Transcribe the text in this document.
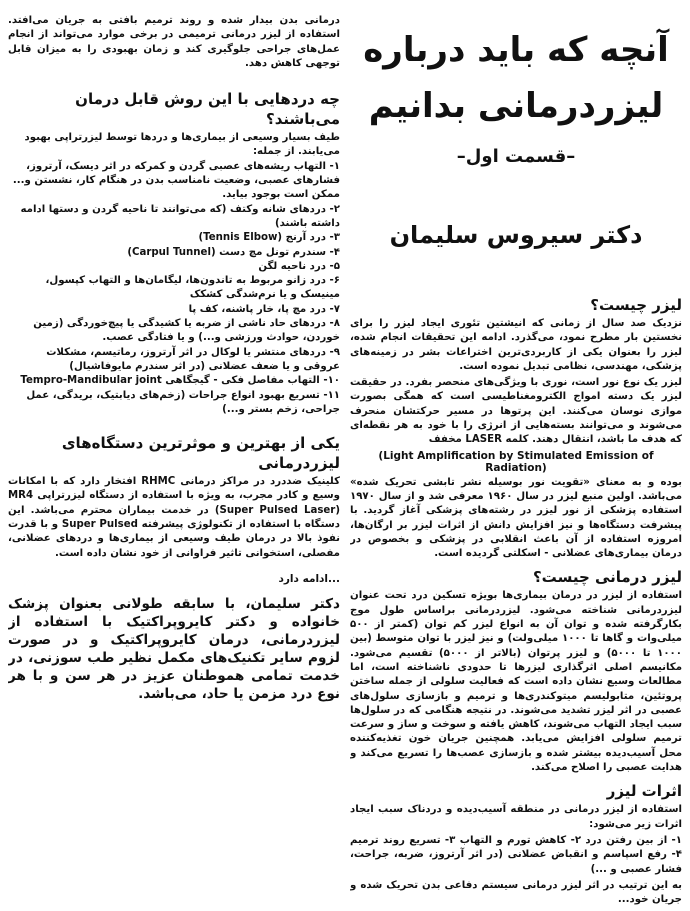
آنچه که باید درباره
لیزردرمانی بدانیم
–قسمت اول–
دکتر سیروس سلیمان
لیزر چیست؟

نزدیک صد سال از زمانی که انیشتین تئوری ایجاد لیزر را برای نخستین بار مطرح نمود، می‌گذرد. ادامه این تحقیقات انجام شده، لیزر را بعنوان یکی از کاربردی‌ترین اختراعات بشر در زمینه‌های پزشکی، مهندسی، نظامی تبدیل نموده است.

لیزر یک نوع نور است، نوری با ویژگی‌های منحصر بفرد. در حقیقت لیزر یک دسته امواج الکترومغناطیسی است که همگی بصورت موازی نوسان می‌کنند. این پرتوها در مسیر حرکتشان منحرف می‌شوند و می‌توانند بسته‌هایی از انرژی را با خود به هر نقطه‌ای که هدف ما باشد، انتقال دهند. کلمه LASER مخفف

(Light Amplification by Stimulated Emission of Radiation)

بوده و به معنای «تقویت نور بوسیله نشر تابشی تحریک شده» می‌باشد. اولین منبع لیزر در سال ۱۹۶۰ معرفی شد و از سال ۱۹۷۰ استفاده پزشکی از نور لیزر در رشته‌های پزشکی آغاز گردید. با پیشرفت دستگاه‌ها و نیز افزایش دانش از اثرات لیزر بر ارگان‌ها، امروزه استفاده از آن باعث انقلابی در پزشکی و بخصوص در درمان بیماری‌های عضلانی - اسکلتی گردیده است.

لیزر درمانی چیست؟

استفاده از لیزر در درمان بیماری‌ها بویژه تسکین درد تحت عنوان لیزردرمانی شناخته می‌شود. لیزردرمانی براساس طول موج بکارگرفته شده و توان آن به انواع لیزر کم توان (کمتر از ۵۰۰ میلی‌وات و گاها تا ۱۰۰۰ میلی‌ولت) و نیز لیزر با توان متوسط (بین ۱۰۰۰ تا ۵۰۰۰) و لیزر پرتوان (بالاتر از ۵۰۰۰) تقسیم می‌شود. مکانیسم اصلی اثرگذاری لیزرها تا حدودی ناشناخته است، اما مطالعات وسیع نشان داده است که فعالیت سلولی از جمله ساختن پروتئین، متابولیسم میتوکندری‌ها و ترمیم و بازسازی سلول‌های عصبی در اثر لیزر تشدید می‌شوند. در نتیجه هنگامی که در سلول‌ها سبب ایجاد التهاب می‌شوند، کاهش یافته و سوخت و ساز و سرعت ترمیم سلولی افزایش می‌یابد. همچنین جریان خون تغذیه‌کننده محل آسیب‌دیده بیشتر شده و بازسازی عصب‌ها را تسریع می‌کند و هدایت عصبی را اصلاح می‌کند.

اثرات لیزر

استفاده از لیزر درمانی در منطقه آسیب‌دیده و دردناک سبب ایجاد اثرات زیر می‌شود:

۱- از بین رفتن درد ۲- کاهش تورم و التهاب ۳- تسریع روند ترمیم ۴- رفع اسپاسم و انقباض عضلانی (در اثر آرتروز، ضربه، جراحت، فشار عصبی و ...)

به این ترتیب در اثر لیزر درمانی سیستم دفاعی بدن تحریک شده و جریان خود...

درمانی بدن بیدار شده و روند ترمیم بافتی به جریان می‌افتد. استفاده از لیزر درمانی ترمیمی در برخی موارد می‌تواند از انجام عمل‌های جراحی جلوگیری کند و زمان بهبودی را به میزان قابل توجهی کاهش دهد.

چه دردهایی با این روش قابل درمان می‌باشند؟

طیف بسیار وسیعی از بیماری‌ها و دردها توسط لیزرتراپی بهبود می‌یابند. از جمله:

۱- التهاب ریشه‌های عصبی گردن و کمرکه در اثر دیسک، آرتروز، فشارهای عصبی، وضعیت نامناسب بدن در هنگام کار، نشستن و... ممکن است بوجود بیاید.

۲- دردهای شانه وکتف (که می‌توانند تا ناحیه گردن و دستها ادامه داشته باشند)

۳- درد آرنج (Tennis Elbow)

۴- سندرم تونل مچ دست (Carpul Tunnel)

۵- درد ناحیه لگن

۶- درد زانو مربوط به تاندون‌ها، لیگامان‌ها و التهاب کپسول، مینیسک و یا نرم‌شدگی کشکک

۷- درد مچ پا، خار پاشنه، کف پا

۸- دردهای حاد ناشی از ضربه یا کشیدگی یا پیچ‌خوردگی (زمین خوردن، حوادث ورزشی و...) و یا فتادگی عصب.

۹- دردهای منتشر یا لوکال در اثر آرتروز، رماتیسم، مشکلات عروقی و یا ضعف عضلانی (در اثر سندرم مایوفاشیال)

۱۰- التهاب مفاصل فکی - گیجگاهی Tempro-Mandibular joint

۱۱- تسریع بهبود انواع جراحات (زخم‌های دیابتیک، بریدگی، عمل جراحی، زخم بستر و...)

یکی از بهترین و موثرترین دستگاه‌های لیزردرمانی

کلینیک ضددرد در مراکز درمانی RHMC افتخار دارد که با امکانات وسیع و کادر مجرب، به ویژه با استفاده از دستگاه لیزرتراپی MR4 (Super Pulsed Laser) در خدمت بیماران محترم می‌باشد. این دستگاه با استفاده از تکنولوژی پیشرفته Super Pulsed و با قدرت نفوذ بالا در درمان طیف وسیعی از بیماری‌ها و دردهای عضلانی، مفصلی، استخوانی تاثیر فراوانی از خود نشان داده است.

...ادامه دارد

دکتر سلیمان، با سابقه طولانی بعنوان پزشک خانواده و دکتر کایروپراکتیک با استفاده از لیزردرمانی، درمان کایروپراکتیک و در صورت لزوم سایر تکنیک‌های مکمل نظیر طب سوزنی، در خدمت تمامی هموطنان عزیز در هر سن و با هر نوع درد مزمن یا حاد، می‌باشد.
